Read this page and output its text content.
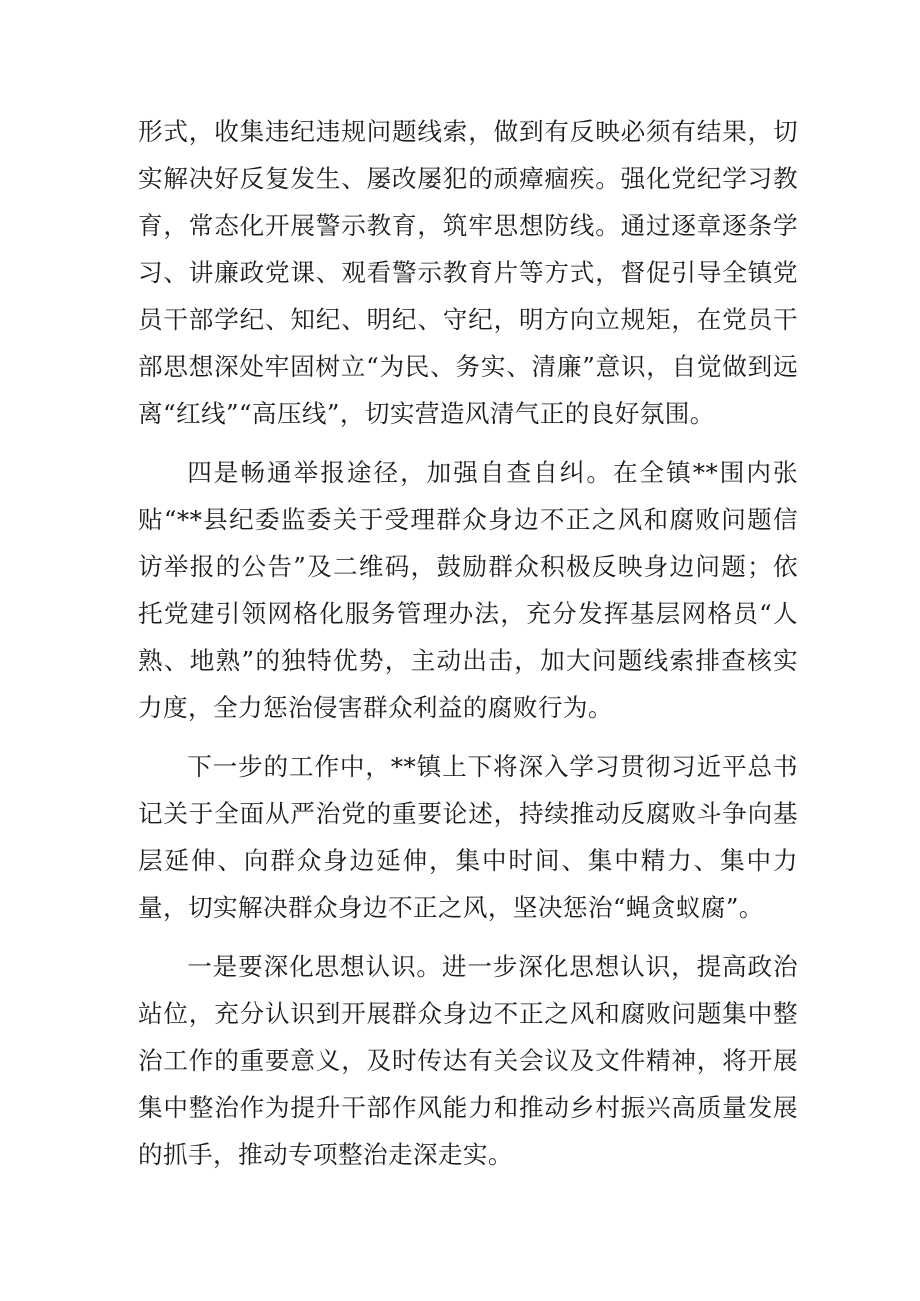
形式，收集违纪违规问题线索，做到有反映必须有结果，切实解决好反复发生、屡改屡犯的顽瘴痼疾。强化党纪学习教育，常态化开展警示教育，筑牢思想防线。通过逐章逐条学习、讲廉政党课、观看警示教育片等方式，督促引导全镇党员干部学纪、知纪、明纪、守纪，明方向立规矩，在党员干部思想深处牢固树立“为民、务实、清廉”意识，自觉做到远离“红线”“高压线”，切实营造风清气正的良好氛围。

四是畅通举报途径，加强自查自纠。在全镇**围内张贴“**县纪委监委关于受理群众身边不正之风和腐败问题信访举报的公告”及二维码，鼓励群众积极反映身边问题；依托党建引领网格化服务管理办法，充分发挥基层网格员“人熟、地熟”的独特优势，主动出击，加大问题线索排查核实力度，全力惩治侵害群众利益的腐败行为。

下一步的工作中，**镇上下将深入学习贯彻习近平总书记关于全面从严治党的重要论述，持续推动反腐败斗争向基层延伸、向群众身边延伸，集中时间、集中精力、集中力量，切实解决群众身边不正之风，坚决惩治“蝇贪蚁腐”。

一是要深化思想认识。进一步深化思想认识，提高政治站位，充分认识到开展群众身边不正之风和腐败问题集中整治工作的重要意义，及时传达有关会议及文件精神，将开展集中整治作为提升干部作风能力和推动乡村振兴高质量发展的抓手，推动专项整治走深走实。
